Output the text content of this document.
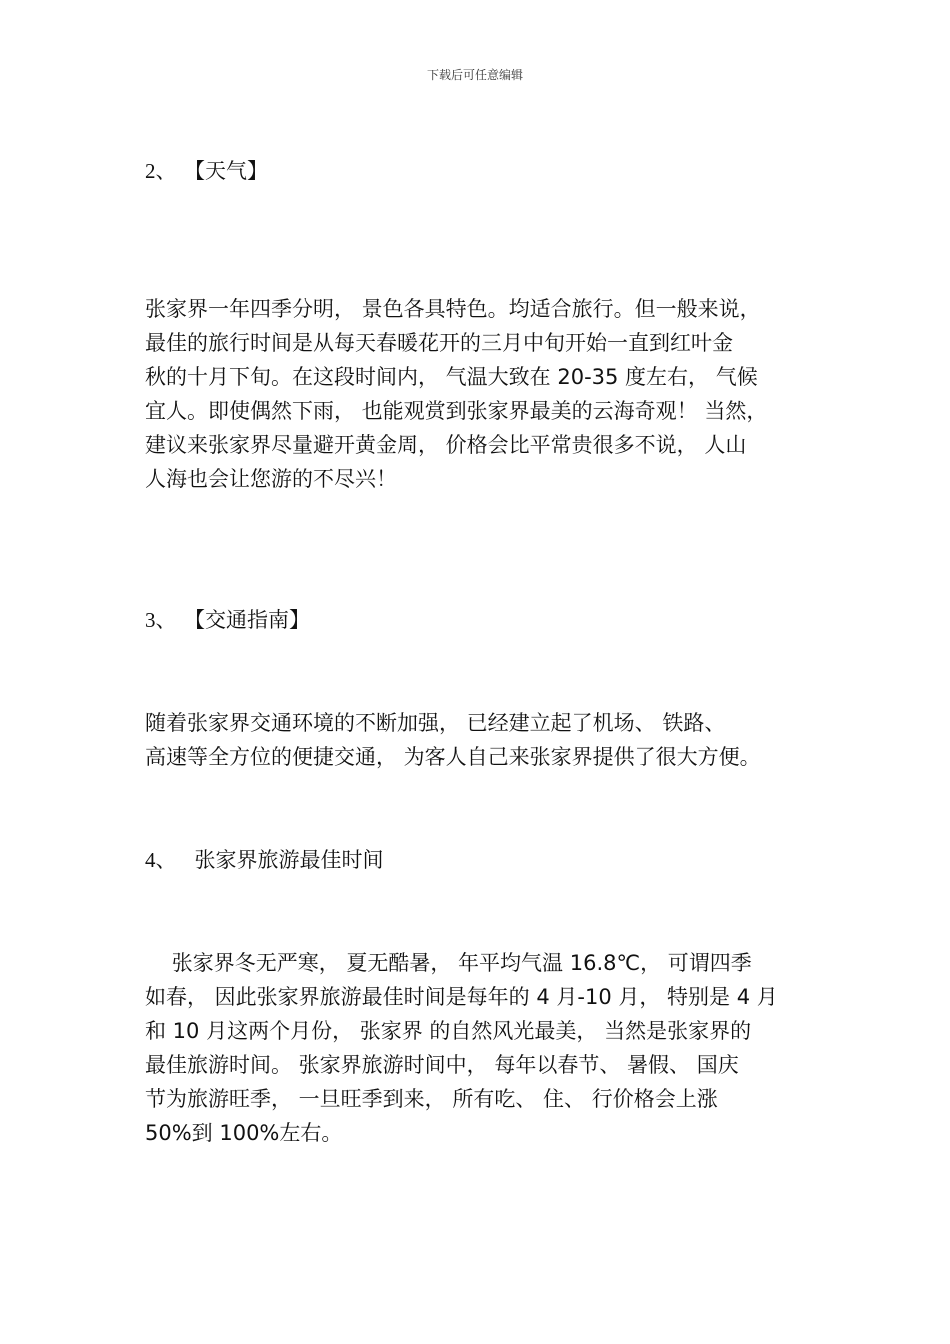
下载后可任意编辑
2、 【天气】
张家界一年四季分明， 景色各具特色。均适合旅行。但一般来说，
最佳的旅行时间是从每天春暖花开的三月中旬开始一直到红叶金
秋的十月下旬。在这段时间内， 气温大致在 20-35 度左右， 气候
宜人。即使偶然下雨， 也能观赏到张家界最美的云海奇观！ 当然，
建议来张家界尽量避开黄金周， 价格会比平常贵很多不说， 人山
人海也会让您游的不尽兴！
3、 【交通指南】
随着张家界交通环境的不断加强， 已经建立起了机场、 铁路、
高速等全方位的便捷交通， 为客人自己来张家界提供了很大方便。
4、 张家界旅游最佳时间
张家界冬无严寒， 夏无酷暑， 年平均气温 16.8℃， 可谓四季
如春， 因此张家界旅游最佳时间是每年的 4 月-10 月， 特别是 4 月
和 10 月这两个月份， 张家界 的自然风光最美， 当然是张家界的
最佳旅游时间。 张家界旅游时间中， 每年以春节、 暑假、 国庆
节为旅游旺季， 一旦旺季到来， 所有吃、 住、 行价格会上涨
50%到 100%左右。
